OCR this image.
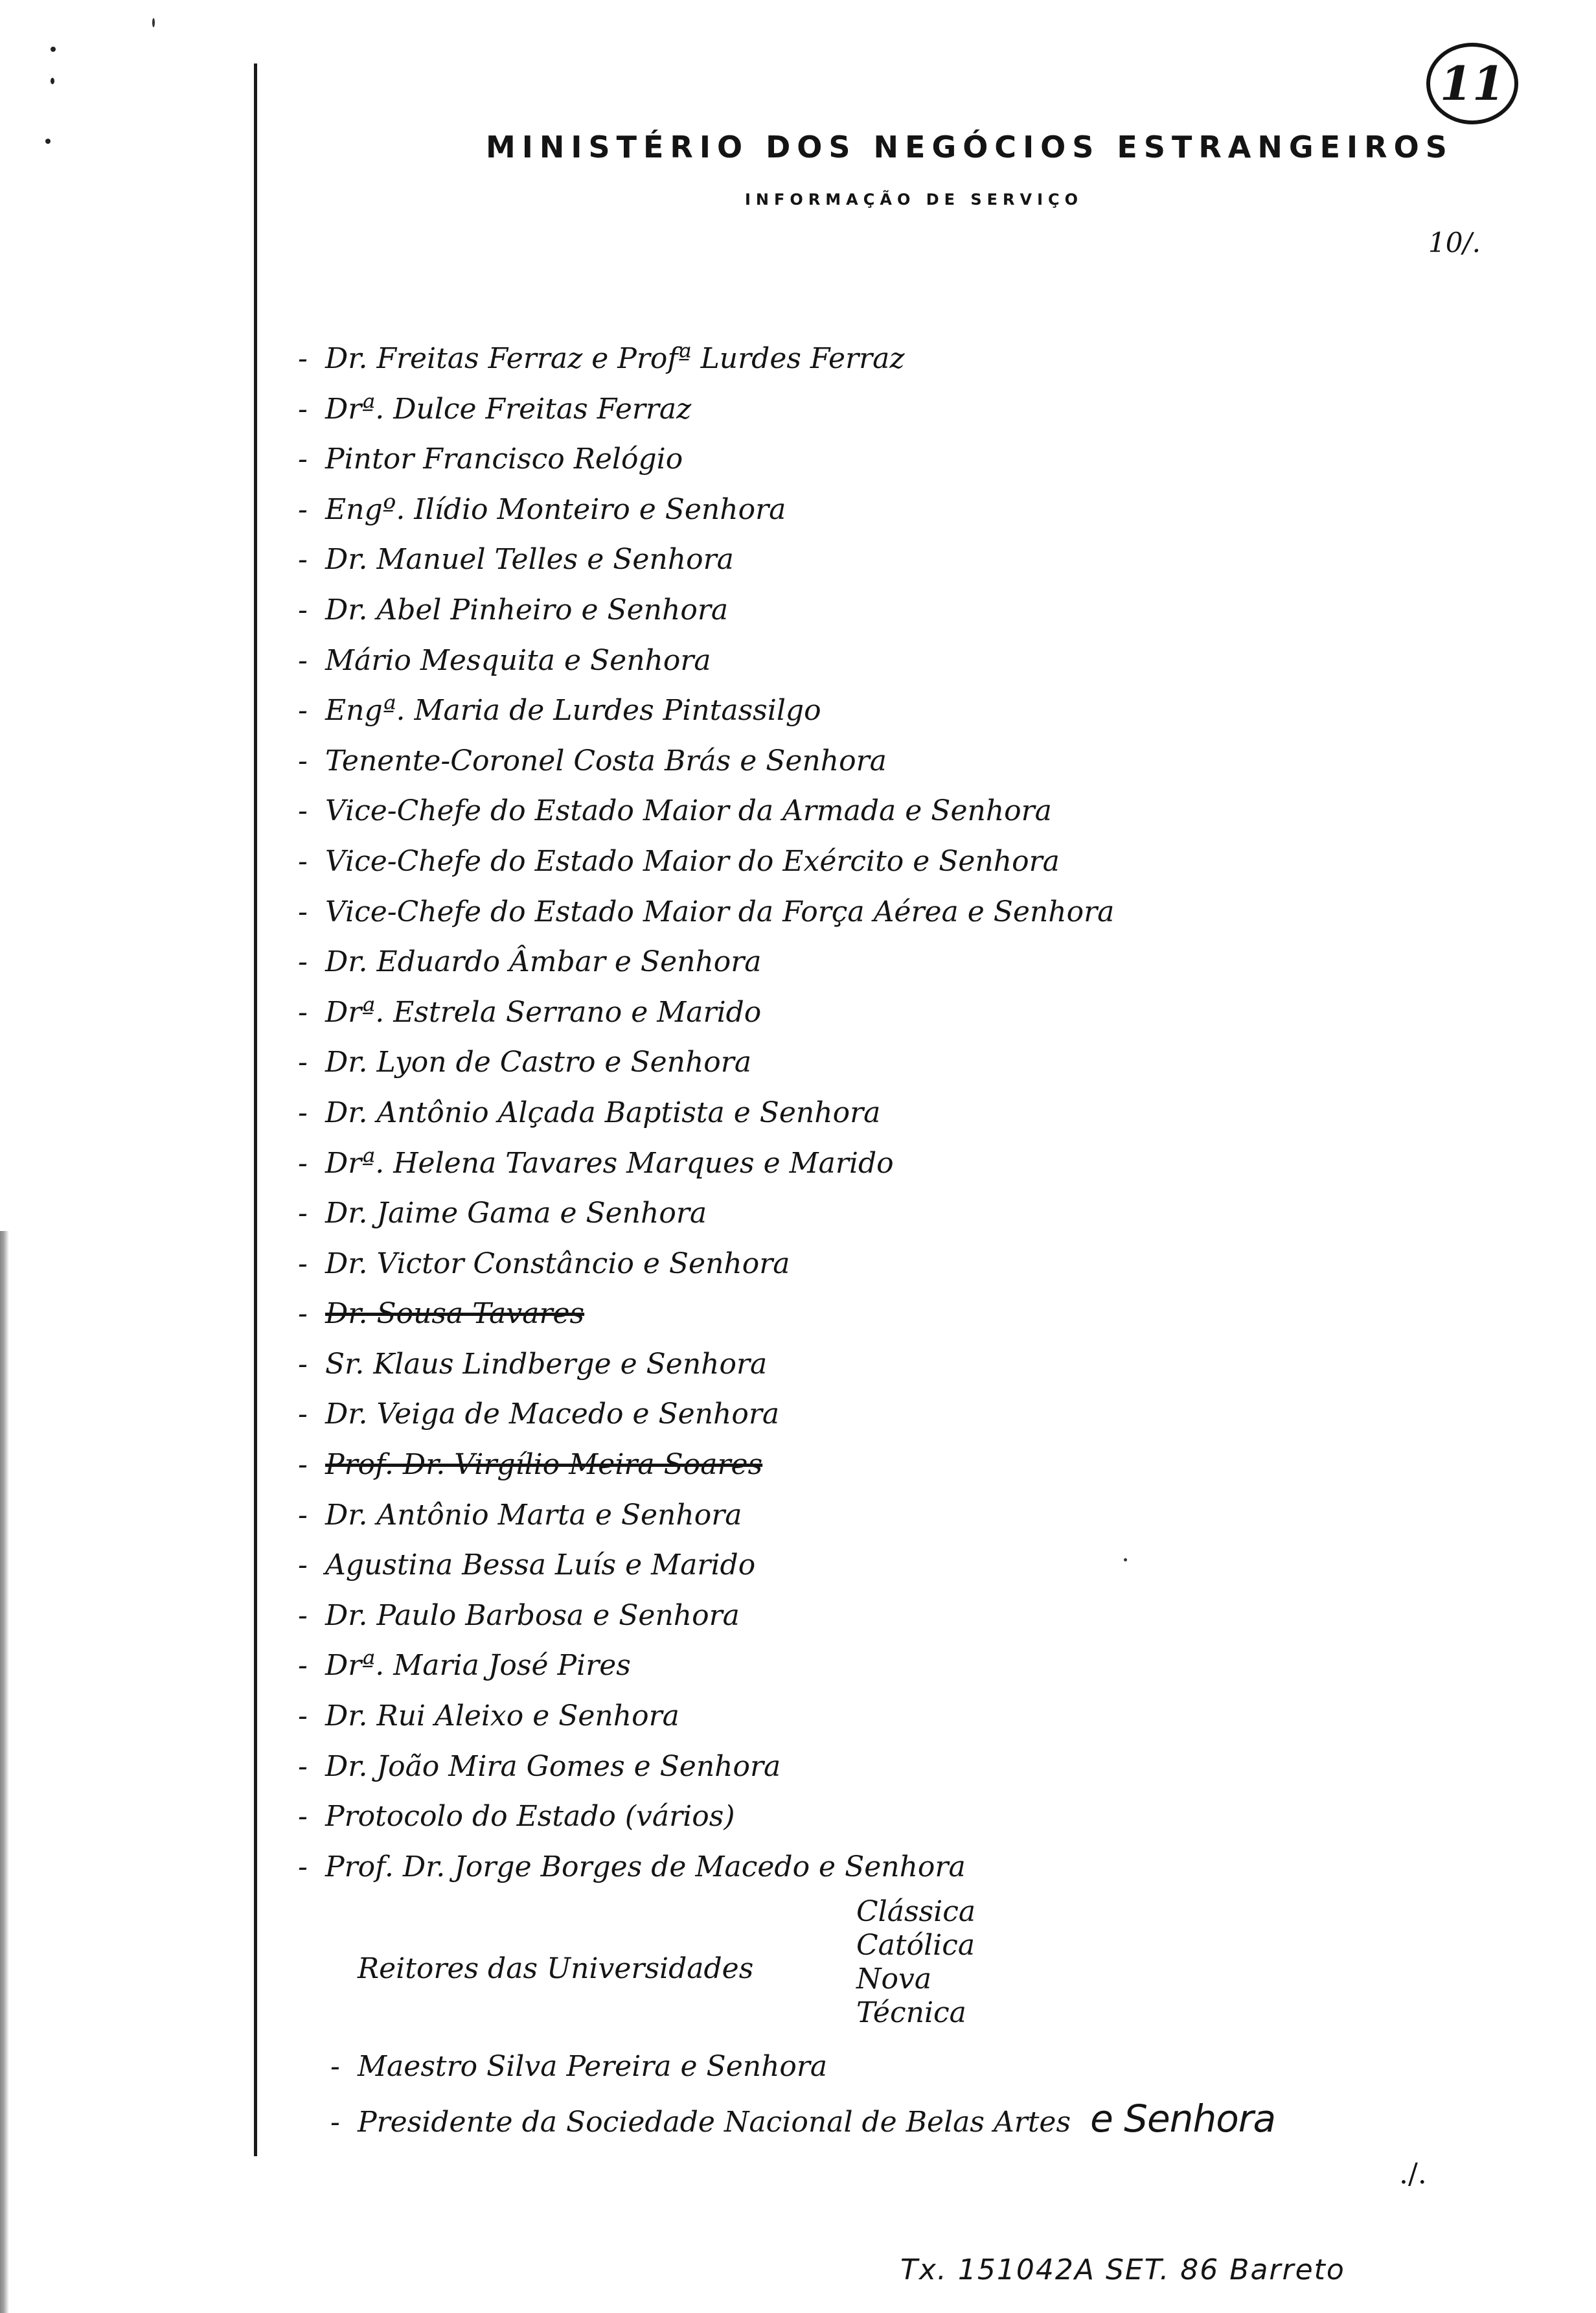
MINISTÉRIO DOS NEGÓCIOS ESTRANGEIROS
INFORMAÇÃO DE SERVIÇO
11
10/.
- Dr. Freitas Ferraz e Profª Lurdes Ferraz
- Drª. Dulce Freitas Ferraz
- Pintor Francisco Relógio
- Engº. Ilídio Monteiro e Senhora
- Dr. Manuel Telles e Senhora
- Dr. Abel Pinheiro e Senhora
- Mário Mesquita e Senhora
- Engª. Maria de Lurdes Pintassilgo
- Tenente-Coronel Costa Brás e Senhora
- Vice-Chefe do Estado Maior da Armada e Senhora
- Vice-Chefe do Estado Maior do Exército e Senhora
- Vice-Chefe do Estado Maior da Força Aérea e Senhora
- Dr. Eduardo Âmbar e Senhora
- Drª. Estrela Serrano e Marido
- Dr. Lyon de Castro e Senhora
- Dr. Antônio Alçada Baptista e Senhora
- Drª. Helena Tavares Marques e Marido
- Dr. Jaime Gama e Senhora
- Dr. Victor Constâncio e Senhora
- Dr. Sousa Tavares
- Sr. Klaus Lindberge e Senhora
- Dr. Veiga de Macedo e Senhora
- Prof. Dr. Virgílio Meira Soares
- Dr. Antônio Marta e Senhora
- Agustina Bessa Luís e Marido
- Dr. Paulo Barbosa e Senhora
- Drª. Maria José Pires
- Dr. Rui Aleixo e Senhora
- Dr. João Mira Gomes e Senhora
- Protocolo do Estado (vários)
- Prof. Dr. Jorge Borges de Macedo e Senhora
Reitores das Universidades
Clássica
Católica
Nova
Técnica
- Maestro Silva Pereira e Senhora
- Presidente da Sociedade Nacional de Belas Artes e Senhora
./.
Tx. 151042A SET. 86 Barreto
